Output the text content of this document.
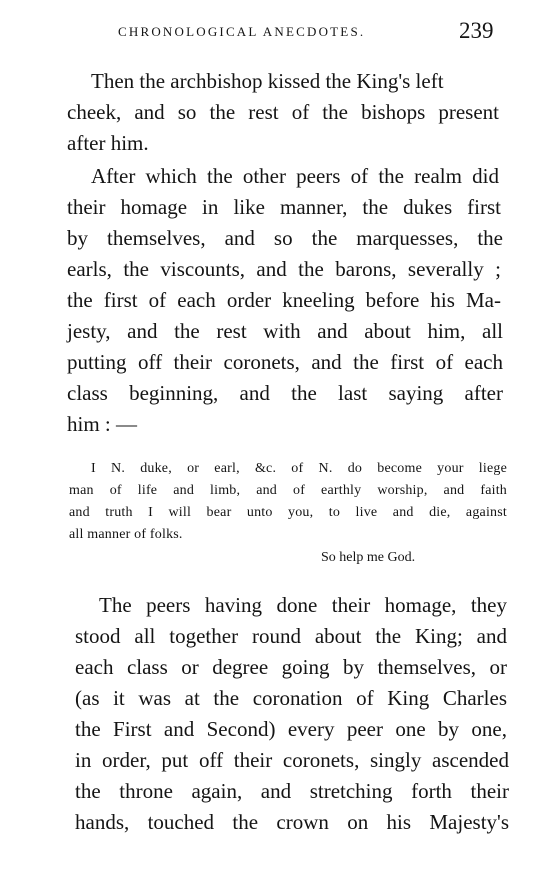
CHRONOLOGICAL ANECDOTES.	239
Then the archbishop kissed the King's left
cheek, and so the rest of the bishops present
after him.
After which the other peers of the realm did
their homage in like manner, the dukes first
by themselves, and so the marquesses, the
earls, the viscounts, and the barons, severally ;
the first of each order kneeling before his Ma-
jesty, and the rest with and about him, all
putting off their coronets, and the first of each
class beginning, and the last saying after
him : —
I N. duke, or earl, &c. of N. do become your liege
man of life and limb, and of earthly worship, and faith
and truth I will bear unto you, to live and die, against
all manner of folks.
So help me God.
The peers having done their homage, they
stood all together round about the King; and
each class or degree going by themselves, or
(as it was at the coronation of King Charles
the First and Second) every peer one by one,
in order, put off their coronets, singly ascended
the throne again, and stretching forth their
hands, touched the crown on his Majesty's
